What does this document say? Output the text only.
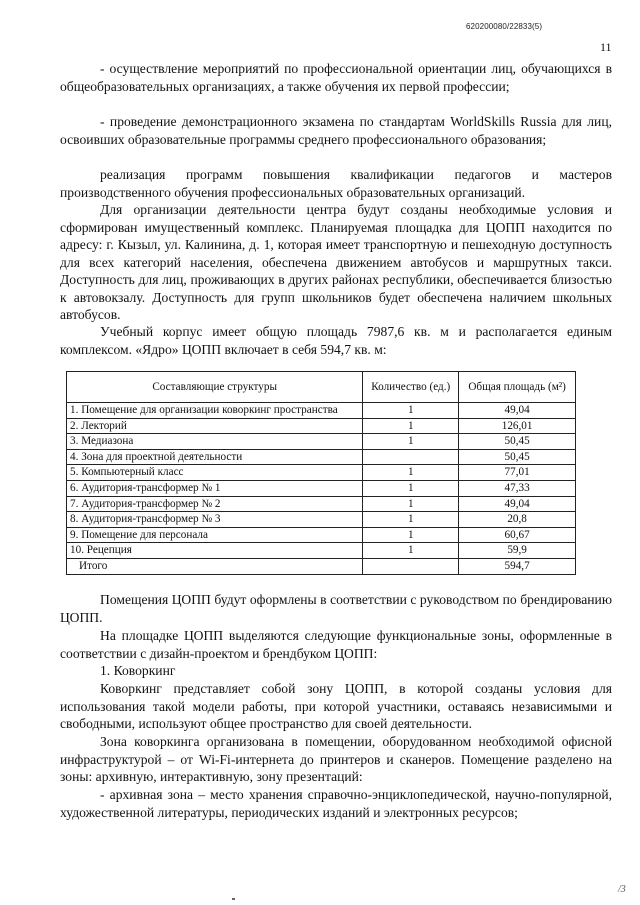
620200080/22833(5)
11

- осуществление мероприятий по профессиональной ориентации лиц, обучающихся в общеобразовательных организациях, а также обучения их первой профессии;

- проведение демонстрационного экзамена по стандартам WorldSkills Russia для лиц, освоивших образовательные программы среднего профессионального образования;

реализация программ повышения квалификации педагогов и мастеров производственного обучения профессиональных образовательных организаций.

Для организации деятельности центра будут созданы необходимые условия и сформирован имущественный комплекс. Планируемая площадка для ЦОПП находится по адресу: г. Кызыл, ул. Калинина, д. 1, которая имеет транспортную и пешеходную доступность для всех категорий населения, обеспечена движением автобусов и маршрутных такси. Доступность для лиц, проживающих в других районах республики, обеспечивается близостью к автовокзалу. Доступность для групп школьников будет обеспечена наличием школьных автобусов.

Учебный корпус имеет общую площадь 7987,6 кв. м и располагается единым комплексом. «Ядро» ЦОПП включает в себя 594,7 кв. м:

Составляющие структуры	Количество (ед.)	Общая площадь (м²)
1. Помещение для организации коворкинг пространства	1	49,04
2. Лекторий	1	126,01
3. Медиазона	1	50,45
4. Зона для проектной деятельности		50,45
5. Компьютерный класс	1	77,01
6. Аудитория-трансформер № 1	1	47,33
7. Аудитория-трансформер № 2	1	49,04
8. Аудитория-трансформер № 3	1	20,8
9. Помещение для персонала	1	60,67
10. Рецепция	1	59,9
Итого		594,7

Помещения ЦОПП будут оформлены в соответствии с руководством по брендированию ЦОПП.

На площадке ЦОПП выделяются следующие функциональные зоны, оформленные в соответствии с дизайн-проектом и брендбуком ЦОПП:

1. Коворкинг

Коворкинг представляет собой зону ЦОПП, в которой созданы условия для использования такой модели работы, при которой участники, оставаясь независимыми и свободными, используют общее пространство для своей деятельности.

Зона коворкинга организована в помещении, оборудованном необходимой офисной инфраструктурой – от Wi-Fi-интернета до принтеров и сканеров. Помещение разделено на зоны: архивную, интерактивную, зону презентаций:

- архивная зона – место хранения справочно-энциклопедической, научно-популярной, художественной литературы, периодических изданий и электронных ресурсов;

/3
